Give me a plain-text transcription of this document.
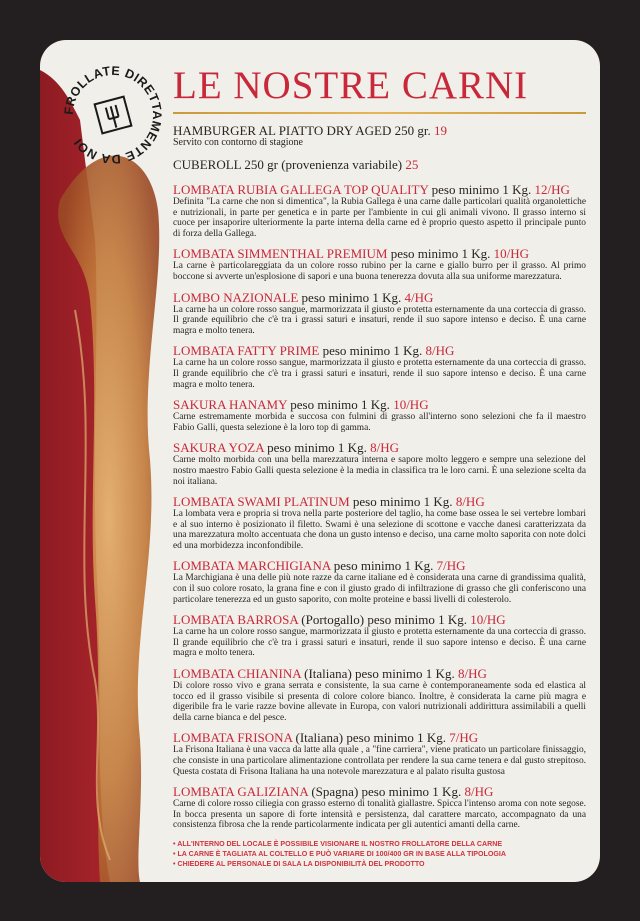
FROLLATE DIRETTAMENTE DA NOI
LE NOSTRE CARNI
HAMBURGER AL PIATTO DRY AGED 250 gr. 19
Servito con contorno di stagione
CUBEROLL 250 gr (provenienza variabile) 25
LOMBATA RUBIA GALLEGA TOP QUALITY peso minimo 1 Kg. 12/HG

Definita "La carne che non si dimentica", la Rubia Gallega è una carne dalle particolari qualità organolettiche e nutrizionali, in parte per genetica e in parte per l'ambiente in cui gli animali vivono. Il grasso interno si cuoce per insaporire ulteriormente la parte interna della carne ed è proprio questo aspetto il principale punto di forza della Gallega.

LOMBATA SIMMENTHAL PREMIUM peso minimo 1 Kg. 10/HG

La carne è particolareggiata da un colore rosso rubino per la carne e giallo burro per il grasso. Al primo boccone si avverte un'esplosione di sapori e una buona tenerezza dovuta alla sua uniforme marezzatura.

LOMBO NAZIONALE peso minimo 1 Kg. 4/HG

La carne ha un colore rosso sangue, marmorizzata il giusto e protetta esternamente da una corteccia di grasso. Il grande equilibrio che c'è tra i grassi saturi e insaturi, rende il suo sapore intenso e deciso. È una carne magra e molto tenera.

LOMBATA FATTY PRIME peso minimo 1 Kg. 8/HG

La carne ha un colore rosso sangue, marmorizzata il giusto e protetta esternamente da una corteccia di grasso. Il grande equilibrio che c'è tra i grassi saturi e insaturi, rende il suo sapore intenso e deciso. È una carne magra e molto tenera.

SAKURA HANAMY peso minimo 1 Kg. 10/HG

Carne estremamente morbida e succosa con fulmini di grasso all'interno sono selezioni che fa il maestro Fabio Galli, questa selezione è la loro top di gamma.

SAKURA YOZA peso minimo 1 Kg. 8/HG

Carne molto morbida con una bella marezzatura interna e sapore molto leggero e sempre una selezione del nostro maestro Fabio Galli questa selezione è la media in classifica tra le loro carni. È una selezione scelta da noi italiana.

LOMBATA SWAMI PLATINUM peso minimo 1 Kg. 8/HG

La lombata vera e propria si trova nella parte posteriore del taglio, ha come base ossea le sei vertebre lombari e al suo interno è posizionato il filetto. Swami è una selezione di scottone e vacche danesi caratterizzata da una marezzatura molto accentuata che dona un gusto intenso e deciso, una carne molto saporita con note dolci ed una morbidezza inconfondibile.

LOMBATA MARCHIGIANA peso minimo 1 Kg. 7/HG

La Marchigiana è una delle più note razze da carne italiane ed è considerata una carne di grandissima qualità, con il suo colore rosato, la grana fine e con il giusto grado di infiltrazione di grasso che gli conferiscono una particolare tenerezza ed un gusto saporito, con molte proteine e bassi livelli di colesterolo.

LOMBATA BARROSA (Portogallo) peso minimo 1 Kg. 10/HG

La carne ha un colore rosso sangue, marmorizzata il giusto e protetta esternamente da una corteccia di grasso. Il grande equilibrio che c'è tra i grassi saturi e insaturi, rende il suo sapore intenso e deciso. È una carne magra e molto tenera.

LOMBATA CHIANINA (Italiana) peso minimo 1 Kg. 8/HG

Di colore rosso vivo e grana serrata e consistente, la sua carne è contemporaneamente soda ed elastica al tocco ed il grasso visibile si presenta di colore colore bianco. Inoltre, è considerata la carne più magra e digeribile fra le varie razze bovine allevate in Europa, con valori nutrizionali addirittura assimilabili a quelli della carne bianca e del pesce.

LOMBATA FRISONA (Italiana) peso minimo 1 Kg. 7/HG

La Frisona Italiana è una vacca da latte alla quale , a "fine carriera", viene praticato un particolare finissaggio, che consiste in una particolare alimentazione controllata per rendere la sua carne tenera e dal gusto strepitoso. Questa costata di Frisona Italiana ha una notevole marezzatura e al palato risulta gustosa

LOMBATA GALIZIANA (Spagna) peso minimo 1 Kg. 8/HG

Carne di colore rosso ciliegia con grasso esterno di tonalità giallastre. Spicca l'intenso aroma con note segose. In bocca presenta un sapore di forte intensità e persistenza, dal carattere marcato, accompagnato da una consistenza fibrosa che la rende particolarmente indicata per gli autentici amanti della carne.

• ALL'INTERNO DEL LOCALE È POSSIBILE VISIONARE IL NOSTRO FROLLATORE DELLA CARNE
• LA CARNE È TAGLIATA AL COLTELLO E PUÒ VARIARE DI 100/400 GR IN BASE ALLA TIPOLOGIA
• CHIEDERE AL PERSONALE DI SALA LA DISPONIBILITÀ DEL PRODOTTO
